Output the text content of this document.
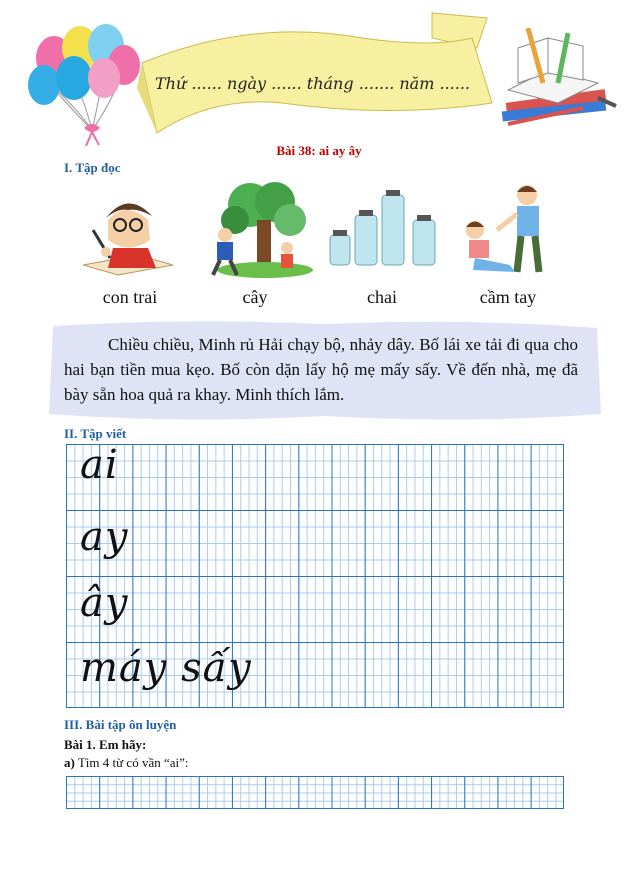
Thứ ...... ngày ...... tháng ....... năm ......
Bài 38: ai ay ây
I. Tập đọc
con trai	cây	chai	cầm tay
Chiều chiều, Minh rủ Hải chạy bộ, nhảy dây. Bố lái xe tải đi qua cho hai bạn tiền mua kẹo. Bố còn dặn lấy hộ mẹ mấy sấy. Về đến nhà, mẹ đã bày sẵn hoa quả ra khay. Minh thích lắm.
II. Tập viết
ai
ay
ây
máy sấy
III. Bài tập ôn luyện
Bài 1. Em hãy:
a) Tìm 4 từ có vần “ai”:
